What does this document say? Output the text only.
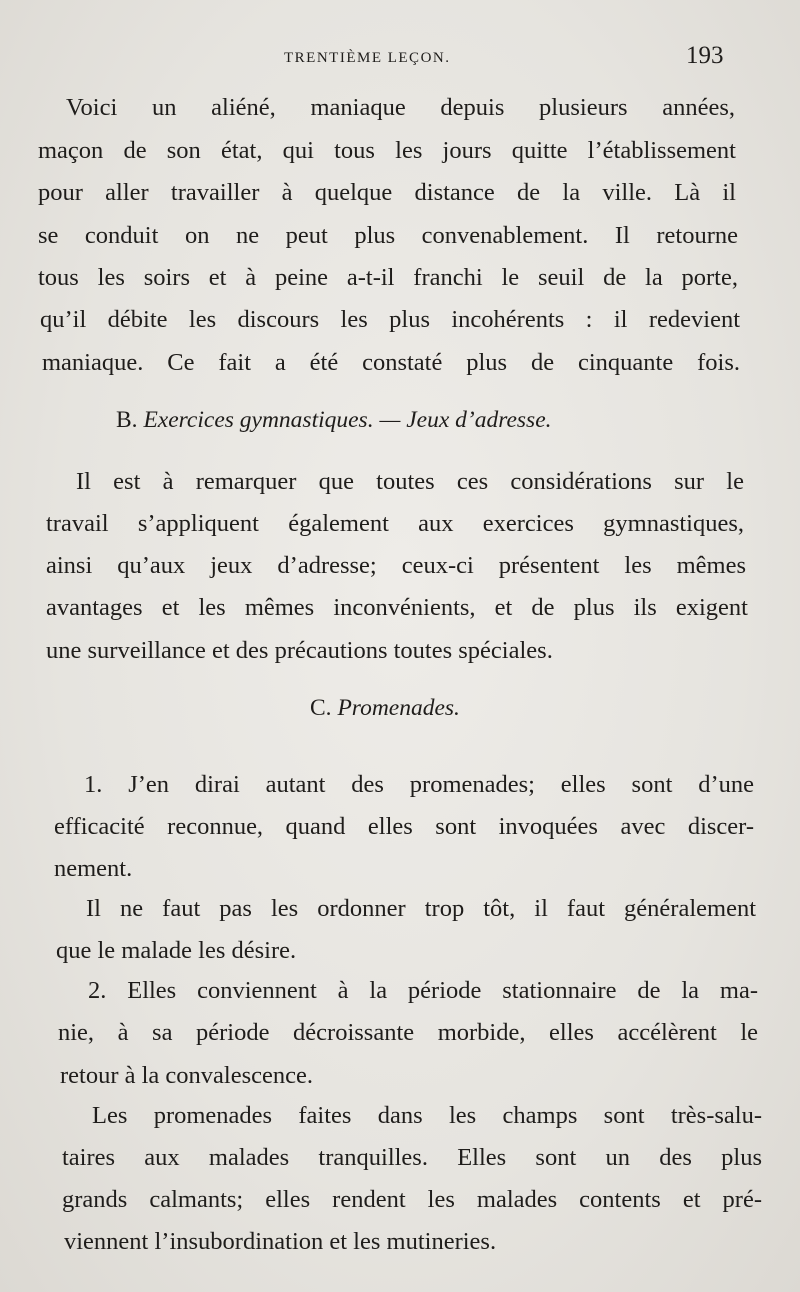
TRENTIÈME LEÇON.	193
Voici un aliéné, maniaque depuis plusieurs années,
maçon de son état, qui tous les jours quitte l’établissement
pour aller travailler à quelque distance de la ville. Là il
se conduit on ne peut plus convenablement. Il retourne
tous les soirs et à peine a-t-il franchi le seuil de la porte,
qu’il débite les discours les plus incohérents : il redevient
maniaque. Ce fait a été constaté plus de cinquante fois.
B. Exercices gymnastiques. — Jeux d’adresse.
Il est à remarquer que toutes ces considérations sur le
travail s’appliquent également aux exercices gymnastiques,
ainsi qu’aux jeux d’adresse; ceux-ci présentent les mêmes
avantages et les mêmes inconvénients, et de plus ils exigent
une surveillance et des précautions toutes spéciales.
C. Promenades.
1. J’en dirai autant des promenades; elles sont d’une
efficacité reconnue, quand elles sont invoquées avec discer-
nement.
Il ne faut pas les ordonner trop tôt, il faut généralement
que le malade les désire.
2. Elles conviennent à la période stationnaire de la ma-
nie, à sa période décroissante morbide, elles accélèrent le
retour à la convalescence.
Les promenades faites dans les champs sont très-salu-
taires aux malades tranquilles. Elles sont un des plus
grands calmants; elles rendent les malades contents et pré-
viennent l’insubordination et les mutineries.
